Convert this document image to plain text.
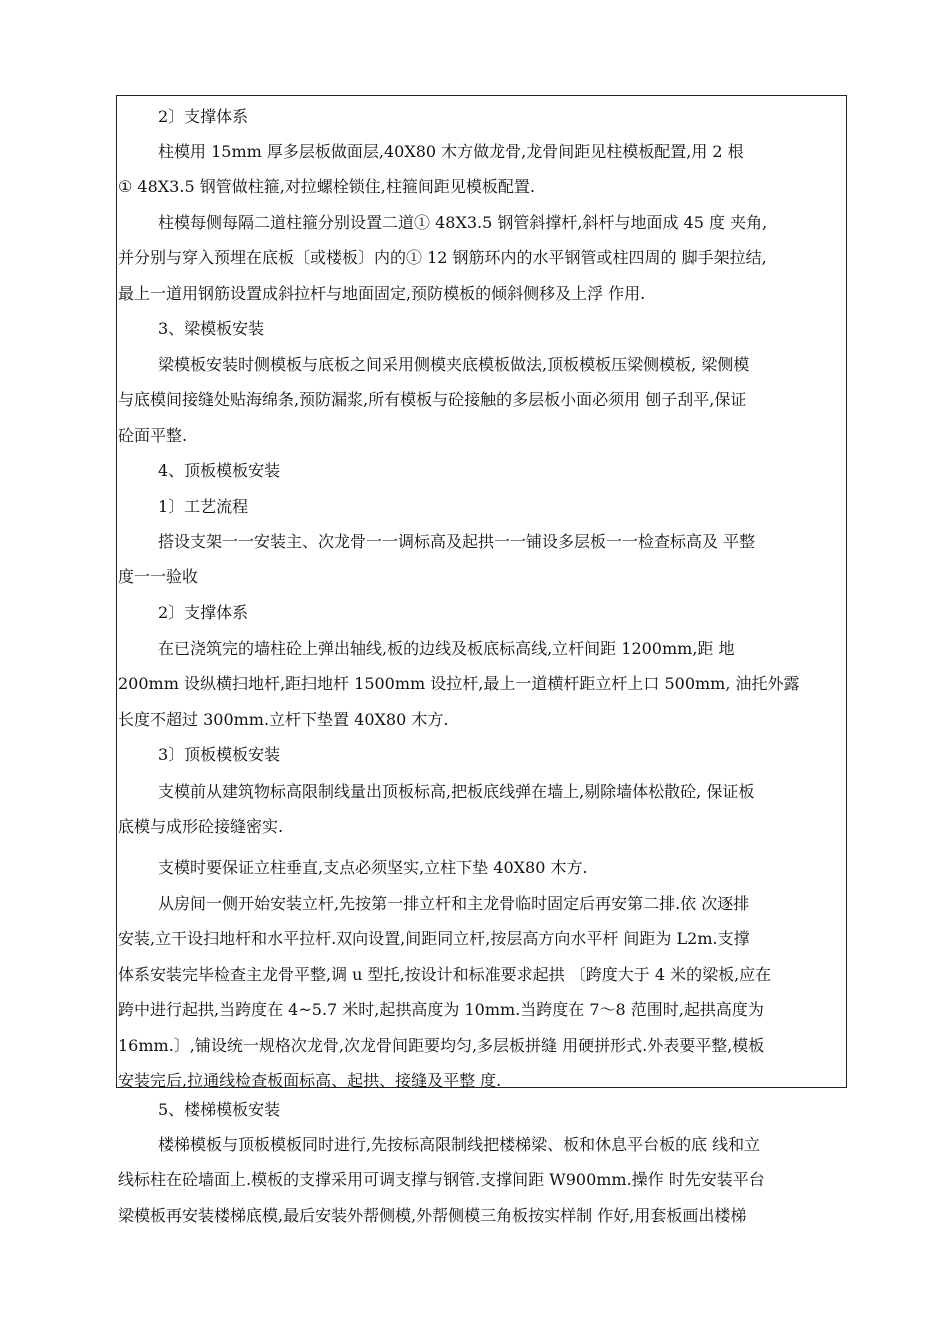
2〕支撑体系

柱模用 15mm 厚多层板做面层,40X80 木方做龙骨,龙骨间距见柱模板配置,用 2 根
① 48X3.5 钢管做柱箍,对拉螺栓锁住,柱箍间距见模板配置.

柱模每侧每隔二道柱箍分别设置二道① 48X3.5 钢管斜撑杆,斜杆与地面成 45 度 夹角,
并分别与穿入预埋在底板〔或楼板〕内的① 12 钢筋环内的水平钢管或柱四周的 脚手架拉结,
最上一道用钢筋设置成斜拉杆与地面固定,预防模板的倾斜侧移及上浮 作用.

3、梁模板安装

梁模板安装时侧模板与底板之间采用侧模夹底模板做法,顶板模板压梁侧模板, 梁侧模
与底模间接缝处贴海绵条,预防漏浆,所有模板与砼接触的多层板小面必须用 刨子刮平,保证
砼面平整.

4、顶板模板安装

1〕工艺流程

搭设支架一一安装主、次龙骨一一调标高及起拱一一铺设多层板一一检查标高及 平整
度一一验收

2〕支撑体系

在已浇筑完的墙柱砼上弹出轴线,板的边线及板底标高线,立杆间距 1200mm,距 地
200mm 设纵横扫地杆,距扫地杆 1500mm 设拉杆,最上一道横杆距立杆上口 500mm, 油托外露
长度不超过 300mm.立杆下垫置 40X80 木方.

3〕顶板模板安装

支模前从建筑物标高限制线量出顶板标高,把板底线弹在墙上,剔除墙体松散砼, 保证板
底模与成形砼接缝密实.

支模时要保证立柱垂直,支点必须坚实,立柱下垫 40X80 木方.

从房间一侧开始安装立杆,先按第一排立杆和主龙骨临时固定后再安第二排.依 次逐排
安装,立干设扫地杆和水平拉杆.双向设置,间距同立杆,按层高方向水平杆 间距为 L2m.支撑
体系安装完毕检查主龙骨平整,调 u 型托,按设计和标准要求起拱 〔跨度大于 4 米的梁板,应在
跨中进行起拱,当跨度在 4~5.7 米时,起拱高度为 10mm.当跨度在 7〜8 范围时,起拱高度为
16mm.〕,铺设统一规格次龙骨,次龙骨间距要均匀,多层板拼缝 用硬拼形式.外表要平整,模板
安装完后,拉通线检查板面标高、起拱、接缝及平整 度.

5、楼梯模板安装

楼梯模板与顶板模板同时进行,先按标高限制线把楼梯梁、板和休息平台板的底 线和立
线标柱在砼墙面上.模板的支撑采用可调支撑与钢管.支撑间距 W900mm.操作 时先安装平台
梁模板再安装楼梯底模,最后安装外帮侧模,外帮侧模三角板按实样制 作好,用套板画出楼梯
